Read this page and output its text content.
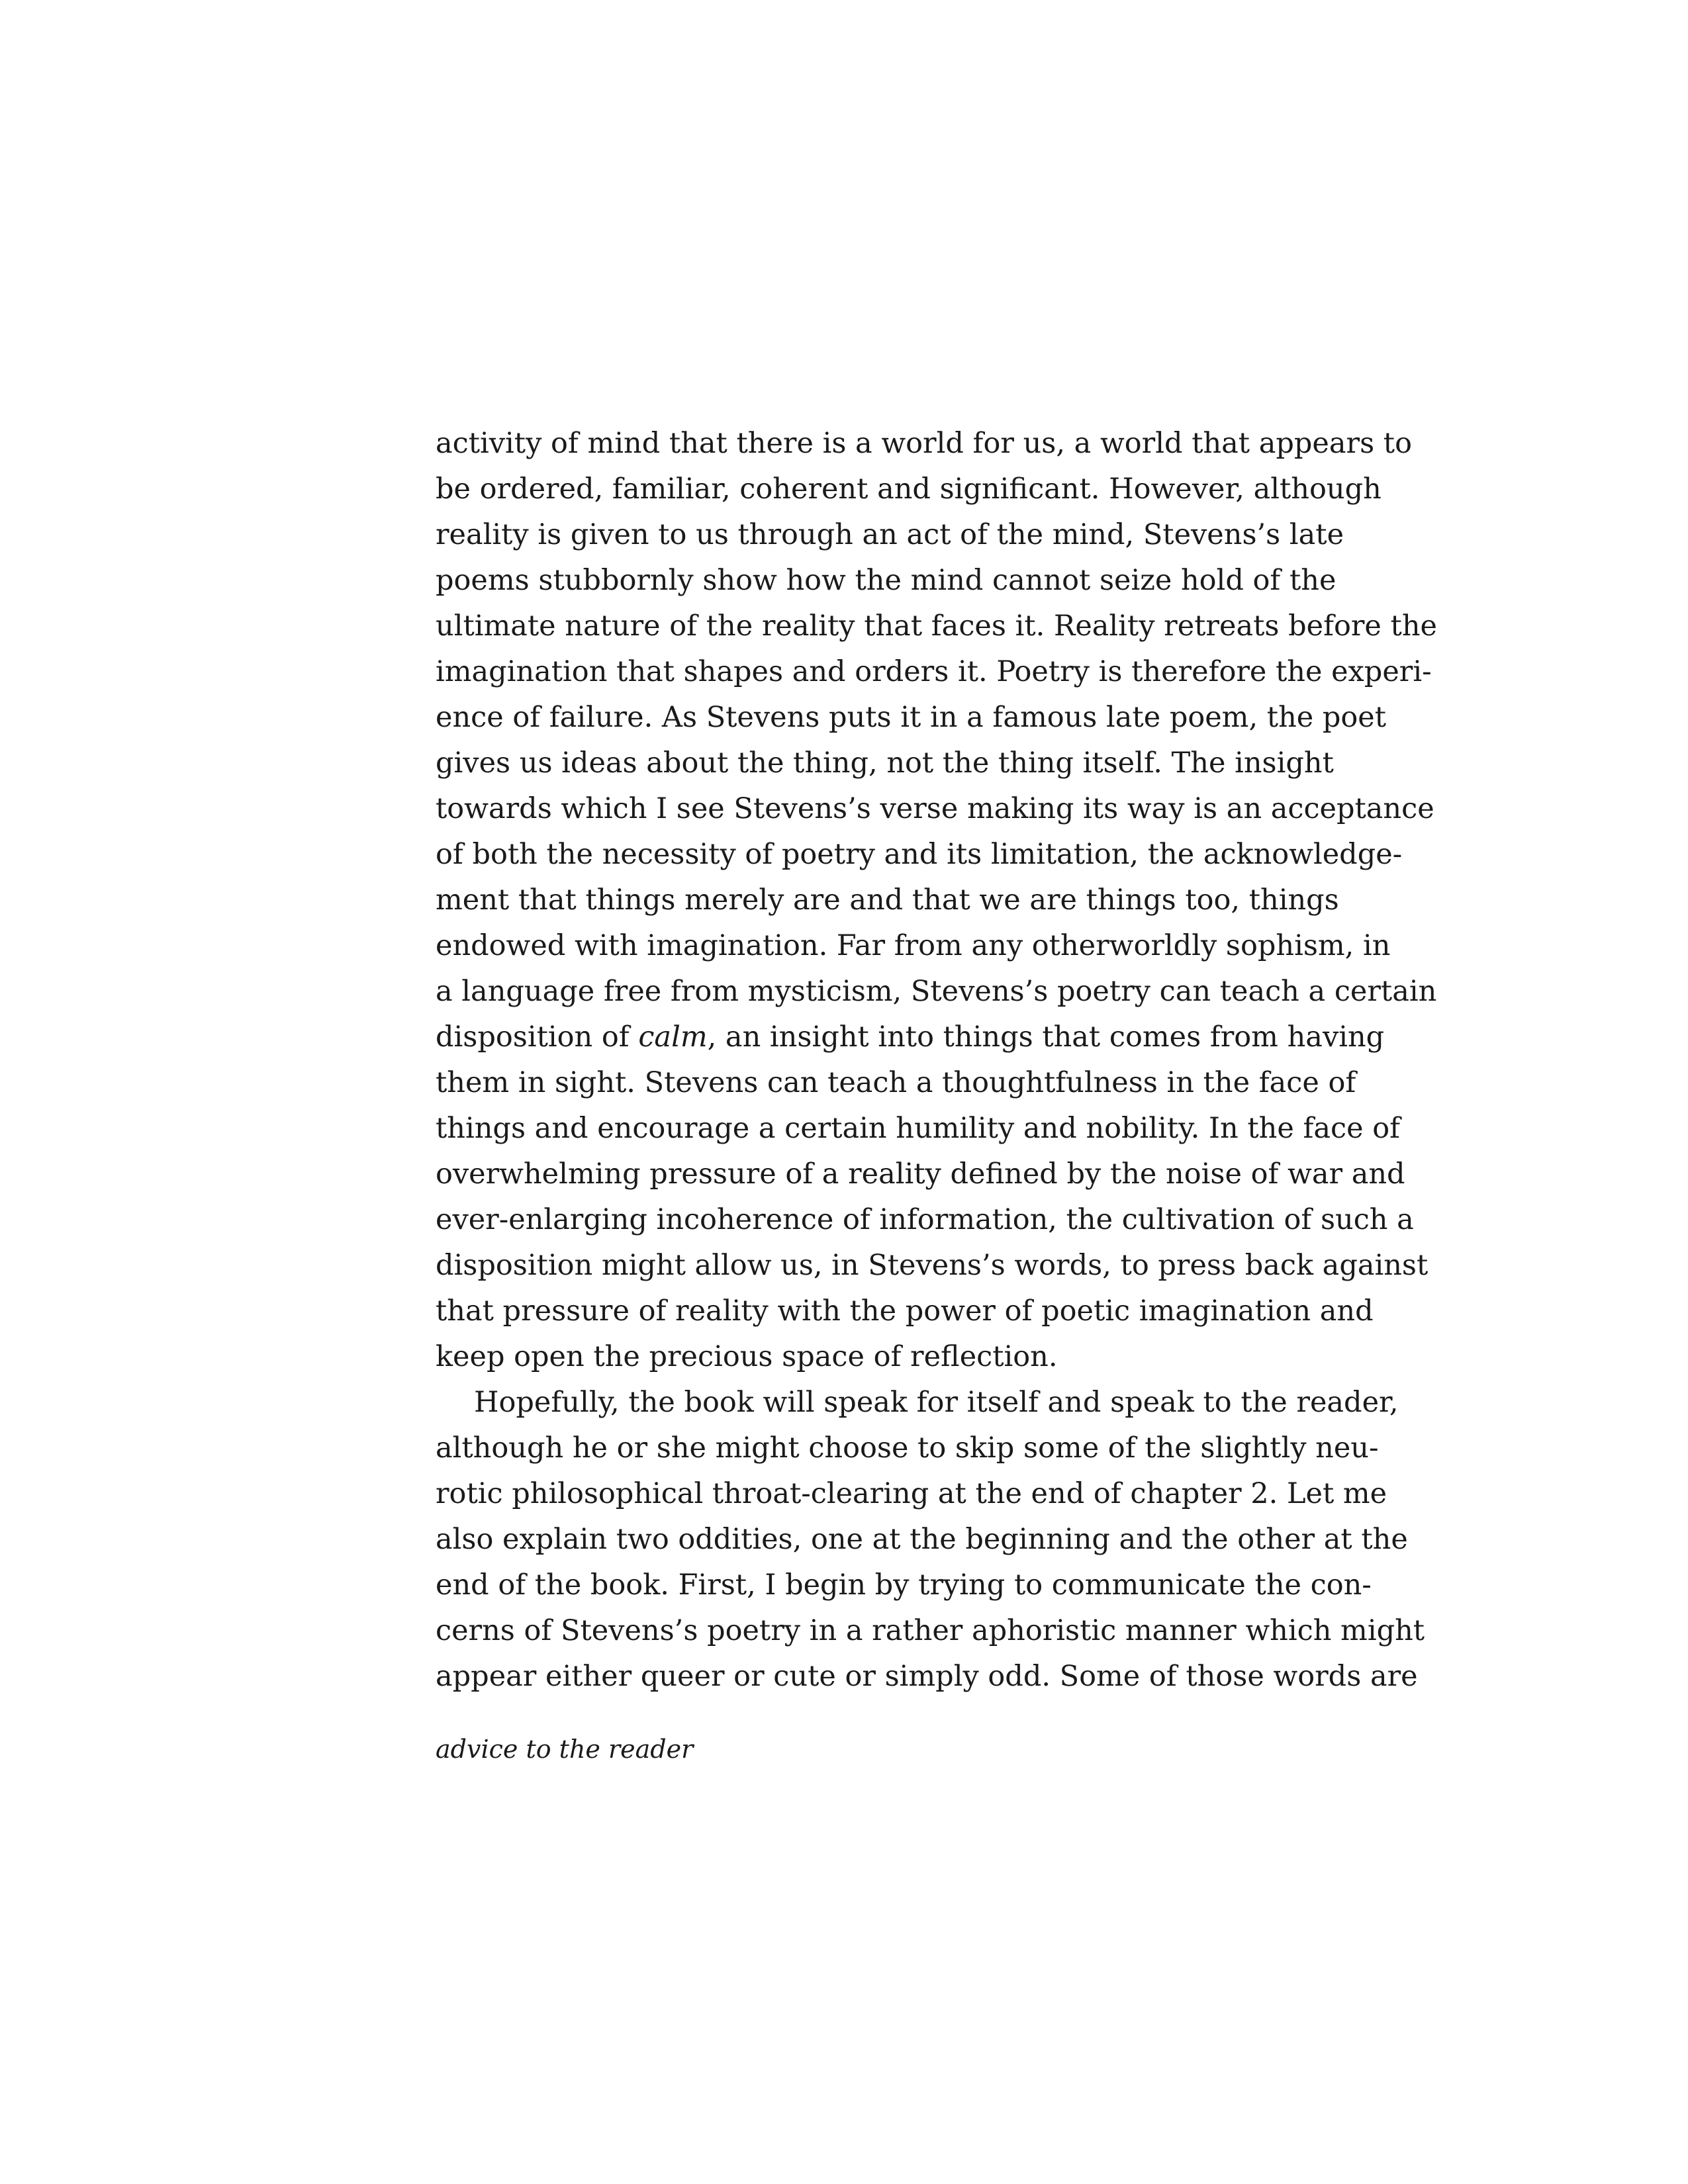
activity of mind that there is a world for us, a world that appears to
be ordered, familiar, coherent and significant. However, although
reality is given to us through an act of the mind, Stevens’s late
poems stubbornly show how the mind cannot seize hold of the
ultimate nature of the reality that faces it. Reality retreats before the
imagination that shapes and orders it. Poetry is therefore the experi-
ence of failure. As Stevens puts it in a famous late poem, the poet
gives us ideas about the thing, not the thing itself. The insight
towards which I see Stevens’s verse making its way is an acceptance
of both the necessity of poetry and its limitation, the acknowledge-
ment that things merely are and that we are things too, things
endowed with imagination. Far from any otherworldly sophism, in
a language free from mysticism, Stevens’s poetry can teach a certain
disposition of calm, an insight into things that comes from having
them in sight. Stevens can teach a thoughtfulness in the face of
things and encourage a certain humility and nobility. In the face of
overwhelming pressure of a reality defined by the noise of war and
ever-enlarging incoherence of information, the cultivation of such a
disposition might allow us, in Stevens’s words, to press back against
that pressure of reality with the power of poetic imagination and
keep open the precious space of reflection.
Hopefully, the book will speak for itself and speak to the reader,
although he or she might choose to skip some of the slightly neu-
rotic philosophical throat-clearing at the end of chapter 2. Let me
also explain two oddities, one at the beginning and the other at the
end of the book. First, I begin by trying to communicate the con-
cerns of Stevens’s poetry in a rather aphoristic manner which might
appear either queer or cute or simply odd. Some of those words are
advice to the reader
